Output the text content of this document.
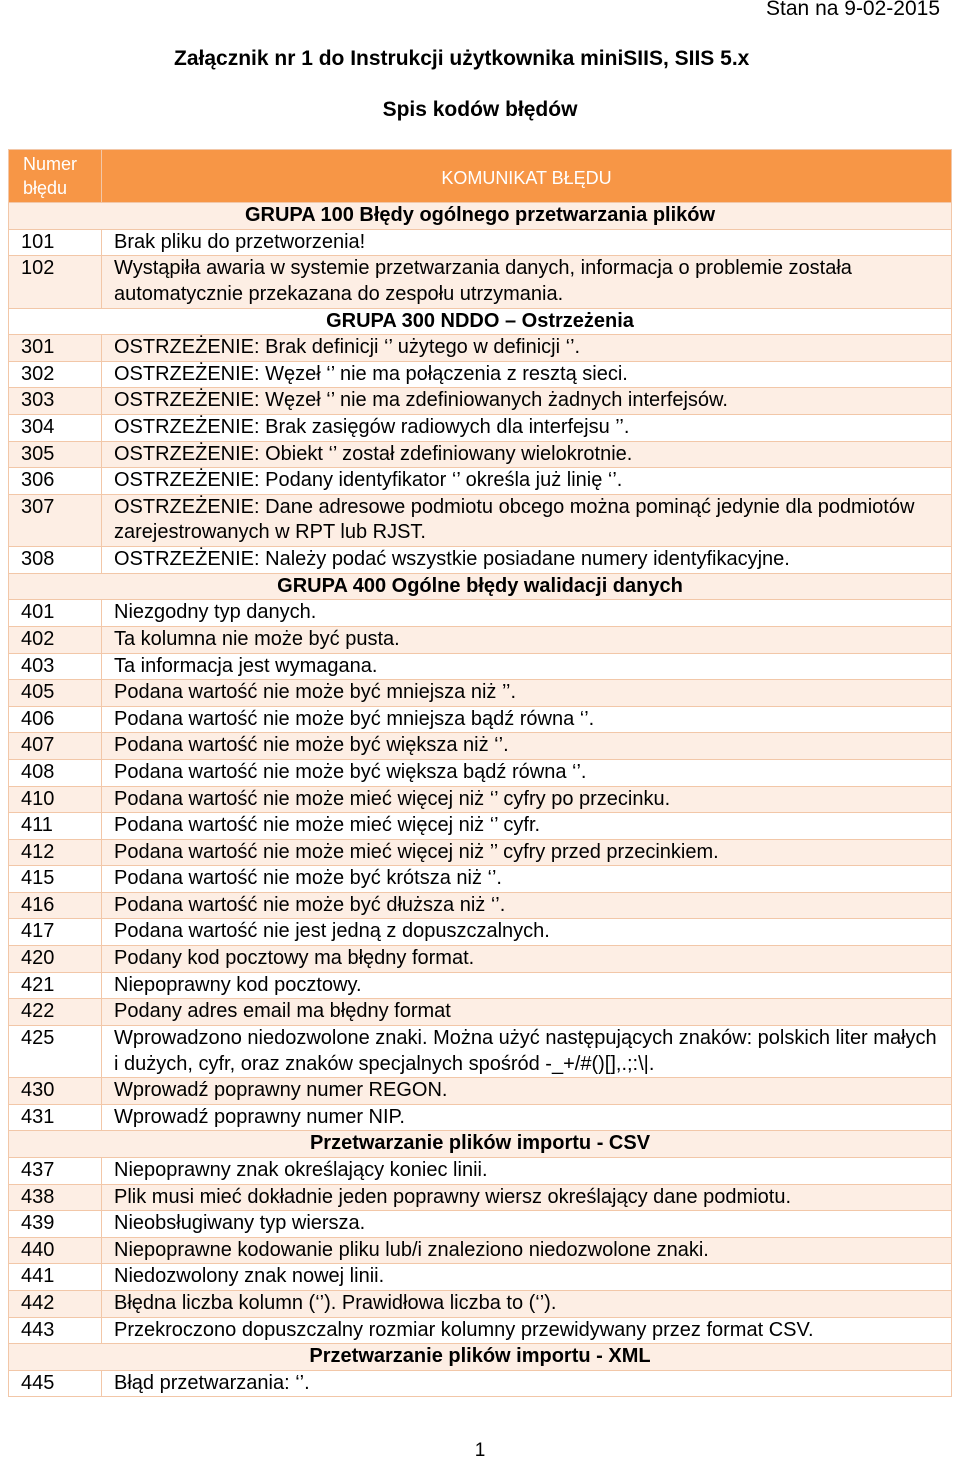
Stan na 9-02-2015
Załącznik nr 1 do Instrukcji użytkownika miniSIIS, SIIS 5.x
Spis kodów błędów
Numer błędu	KOMUNIKAT BŁĘDU
GRUPA 100 Błędy ogólnego przetwarzania plików	
101	Brak pliku do przetworzenia!
102	Wystąpiła awaria w systemie przetwarzania danych, informacja o problemie została automatycznie przekazana do zespołu utrzymania.
GRUPA 300 NDDO – Ostrzeżenia	
301	OSTRZEŻENIE: Brak definicji ‘’ użytego w definicji ‘’.
302	OSTRZEŻENIE: Węzeł ‘’ nie ma połączenia z resztą sieci.
303	OSTRZEŻENIE: Węzeł ‘’ nie ma zdefiniowanych żadnych interfejsów.
304	OSTRZEŻENIE: Brak zasięgów radiowych dla interfejsu ’’.
305	OSTRZEŻENIE: Obiekt ‘’ został zdefiniowany wielokrotnie.
306	OSTRZEŻENIE: Podany identyfikator ‘’ określa już linię ‘’.
307	OSTRZEŻENIE: Dane adresowe podmiotu obcego można pominąć jedynie dla podmiotów zarejestrowanych w RPT lub RJST.
308	OSTRZEŻENIE: Należy podać wszystkie posiadane numery identyfikacyjne.
GRUPA 400 Ogólne błędy walidacji danych	
401	Niezgodny typ danych.
402	Ta kolumna nie może być pusta.
403	Ta informacja jest wymagana.
405	Podana wartość nie może być mniejsza niż ’’.
406	Podana wartość nie może być mniejsza bądź równa ‘’.
407	Podana wartość nie może być większa niż ‘’.
408	Podana wartość nie może być większa bądź równa ‘’.
410	Podana wartość nie może mieć więcej niż ‘’ cyfry po przecinku.
411	Podana wartość nie może mieć więcej niż ‘’ cyfr.
412	Podana wartość nie może mieć więcej niż ’’ cyfry przed przecinkiem.
415	Podana wartość nie może być krótsza niż ‘’.
416	Podana wartość nie może być dłuższa niż ‘’.
417	Podana wartość nie jest jedną z dopuszczalnych.
420	Podany kod pocztowy ma błędny format.
421	Niepoprawny kod pocztowy.
422	Podany adres email ma błędny format
425	Wprowadzono niedozwolone znaki. Można użyć następujących znaków: polskich liter małych i dużych, cyfr, oraz znaków specjalnych spośród -_+/#()[],.;:\|.
430	Wprowadź poprawny numer REGON.
431	Wprowadź poprawny numer NIP.
Przetwarzanie plików importu - CSV	
437	Niepoprawny znak określający koniec linii.
438	Plik musi mieć dokładnie jeden poprawny wiersz określający dane podmiotu.
439	Nieobsługiwany typ wiersza.
440	Niepoprawne kodowanie pliku lub/i znaleziono niedozwolone znaki.
441	Niedozwolony znak nowej linii.
442	Błędna liczba kolumn (‘’). Prawidłowa liczba to (‘’).
443	Przekroczono dopuszczalny rozmiar kolumny przewidywany przez format CSV.
Przetwarzanie plików importu - XML	
445	Błąd przetwarzania: ‘’.
1
